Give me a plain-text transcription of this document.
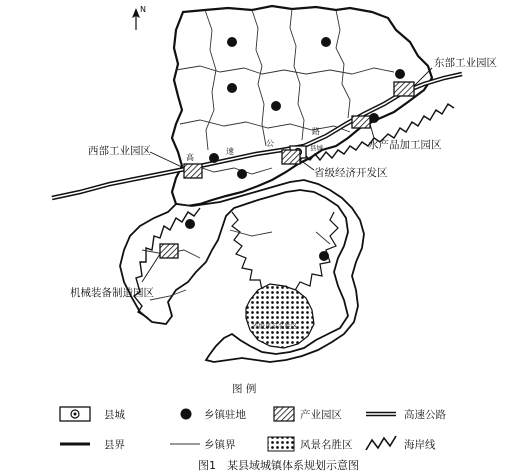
N
省级风景名胜区
高
速
公
路
县城
东部工业园区
水产品加工园区
西部工业园区
省级经济开发区
机械装备制造园区
图 例
县城	乡镇驻地	产业园区	高速公路
县界	乡镇界	风景名胜区	海岸线
图1　某县域城镇体系规划示意图
